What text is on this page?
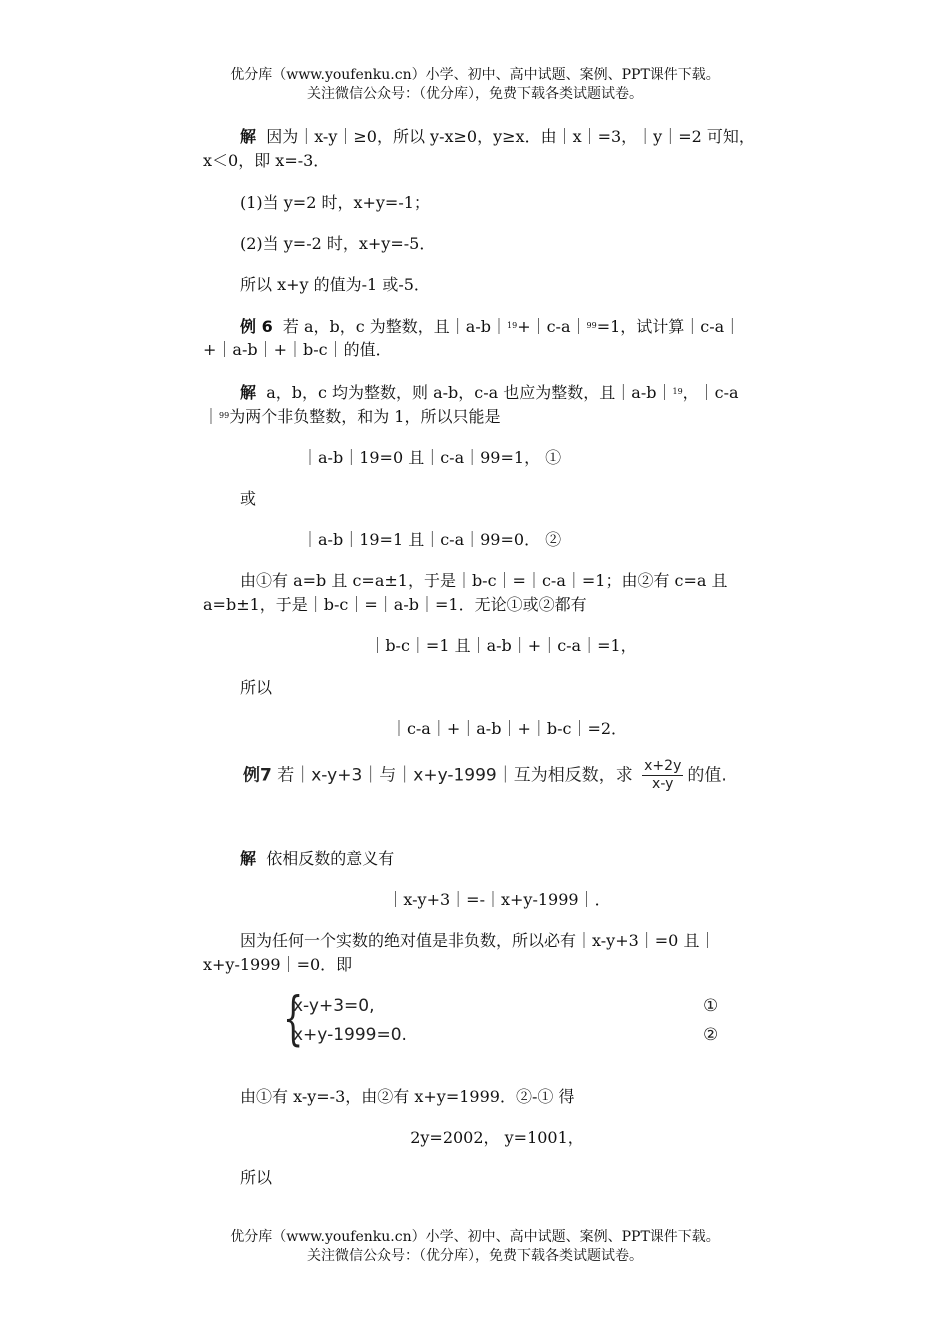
优分库（www.youfenku.cn）小学、初中、高中试题、案例、PPT课件下载。
关注微信公众号：（优分库），免费下载各类试题试卷。
解 因为｜x-y｜≥0，所以 y-x≥0，y≥x．由｜x｜=3，｜y｜=2 可知，
x＜0，即 x=-3．
(1)当 y=2 时，x+y=-1；
(2)当 y=-2 时，x+y=-5．
所以 x+y 的值为-1 或-5．
例 6 若 a，b，c 为整数，且｜a-b｜$^{19}$+｜c-a｜$^{99}$=1，试计算｜c-a｜
+｜a-b｜+｜b-c｜的值．
解 a，b，c 均为整数，则 a-b，c-a 也应为整数，且｜a-b｜$^{19}$，｜c-a
｜$^{99}$为两个非负整数，和为 1，所以只能是
｜a-b｜19=0 且｜c-a｜99=1， ①
或
｜a-b｜19=1 且｜c-a｜99=0． ②
由①有 a=b 且 c=a±1，于是｜b-c｜=｜c-a｜=1；由②有 c=a 且
a=b±1，于是｜b-c｜=｜a-b｜=1．无论①或②都有
｜b-c｜=1 且｜a-b｜+｜c-a｜=1，
所以
｜c-a｜+｜a-b｜+｜b-c｜=2．
例7 若｜x-y+3｜与｜x+y-1999｜互为相反数，求 $\frac{x+2y}{x-y}$ 的值.
解 依相反数的意义有
｜x-y+3｜=-｜x+y-1999｜．
因为任何一个实数的绝对值是非负数，所以必有｜x-y+3｜=0 且｜
x+y-1999｜=0．即
{
x-y+3=0,
x+y-1999=0.
①
②
由①有 x-y=-3，由②有 x+y=1999．②-① 得
2y=2002， y=1001，
所以
优分库（www.youfenku.cn）小学、初中、高中试题、案例、PPT课件下载。
关注微信公众号：（优分库），免费下载各类试题试卷。
